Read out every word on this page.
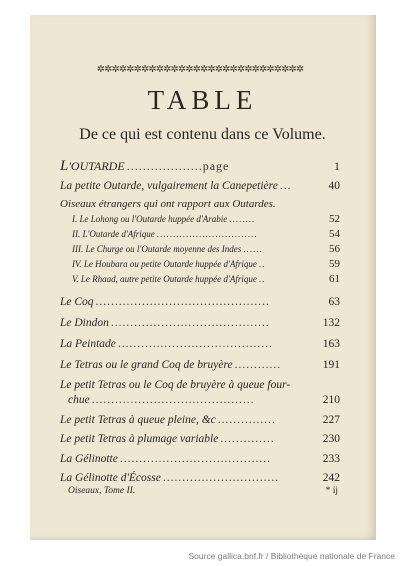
✲✲✲✲✲✲✲✲✲✲✲✲✲✲✲✲✲✲✲✲✲✲✲✲✲✲✲✲
TABLE
De ce qui est contenu dans ce Volume.
L'OUTARDE ...................page	1
La petite Outarde, vulgairement la Canepetière ...	40
Oiseaux étrangers qui ont rapport aux Outardes.
I. Le Lohong ou l'Outarde huppée d'Arabie ........	52
II. L'Outarde d'Afrique ...............................	54
III. Le Churge ou l'Outarde moyenne des Indes ......	56
IV. Le Houbara ou petite Outarde huppée d'Afrique ..	59
V. Le Rhaad, autre petite Outarde huppée d'Afrique ..	61
Le Coq .............................................	63
Le Dindon .........................................	132
La Peintade ........................................	163
Le Tetras ou le grand Coq de bruyère ............	191
Le petit Tetras ou le Coq de bruyère à queue four-
chue ..........................................	210
Le petit Tetras à queue pleine, &c ...............	227
Le petit Tetras à plumage variable ..............	230
La Gélinotte .......................................	233
La Gélinotte d'Écosse ..............................	242
Oiseaux, Tome II.	* ij
Source gallica.bnf.fr / Bibliothèque nationale de France
